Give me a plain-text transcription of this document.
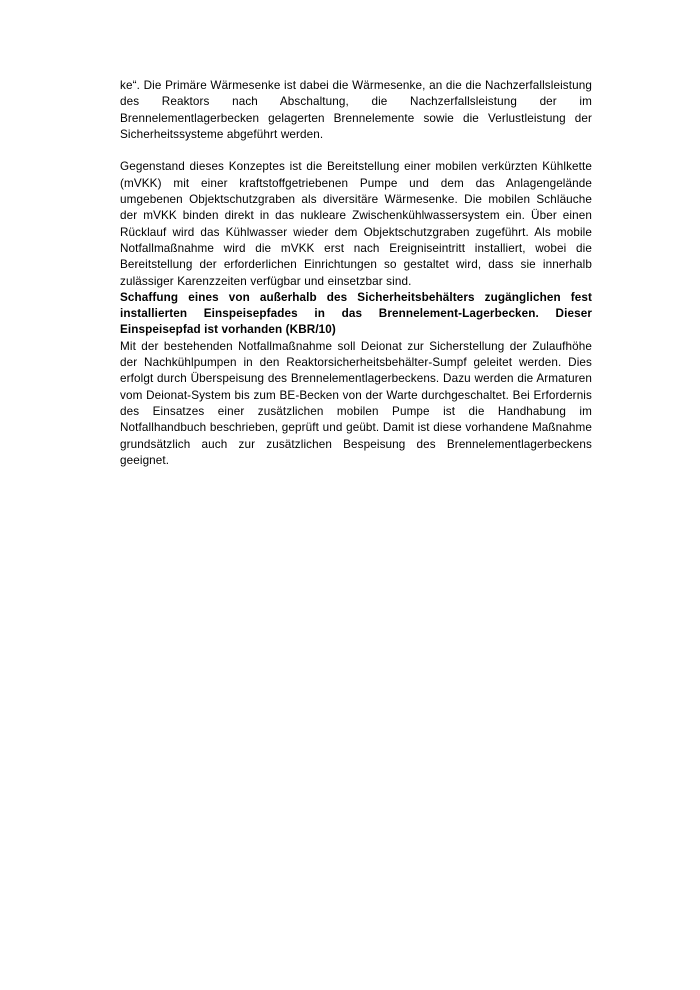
ke“. Die Primäre Wärmesenke ist dabei die Wärmesenke, an die die Nachzerfallsleistung des Reaktors nach Abschaltung, die Nachzerfallsleistung der im Brennelementlagerbecken gelagerten Brennelemente sowie die Verlustleistung der Sicherheitssysteme abgeführt werden.

Gegenstand dieses Konzeptes ist die Bereitstellung einer mobilen verkürzten Kühlkette (mVKK) mit einer kraftstoffgetriebenen Pumpe und dem das Anlagengelände umgebenen Objektschutzgraben als diversitäre Wärmesenke. Die mobilen Schläuche der mVKK binden direkt in das nukleare Zwischenkühlwassersystem ein. Über einen Rücklauf wird das Kühlwasser wieder dem Objektschutzgraben zugeführt. Als mobile Notfallmaßnahme wird die mVKK erst nach Ereigniseintritt installiert, wobei die Bereitstellung der erforderlichen Einrichtungen so gestaltet wird, dass sie innerhalb zulässiger Karenzzeiten verfügbar und einsetzbar sind.

Schaffung eines von außerhalb des Sicherheitsbehälters zugänglichen fest installierten Einspeisepfades in das Brennelement-Lagerbecken. Dieser Einspeisepfad ist vorhanden (KBR/10)

Mit der bestehenden Notfallmaßnahme soll Deionat zur Sicherstellung der Zulaufhöhe der Nachkühlpumpen in den Reaktorsicherheitsbehälter-Sumpf geleitet werden. Dies erfolgt durch Überspeisung des Brennelementlagerbeckens. Dazu werden die Armaturen vom Deionat-System bis zum BE-Becken von der Warte durchgeschaltet. Bei Erfordernis des Einsatzes einer zusätzlichen mobilen Pumpe ist die Handhabung im Notfallhandbuch beschrieben, geprüft und geübt. Damit ist diese vorhandene Maßnahme grundsätzlich auch zur zusätzlichen Bespeisung des Brennelementlagerbeckens geeignet.
